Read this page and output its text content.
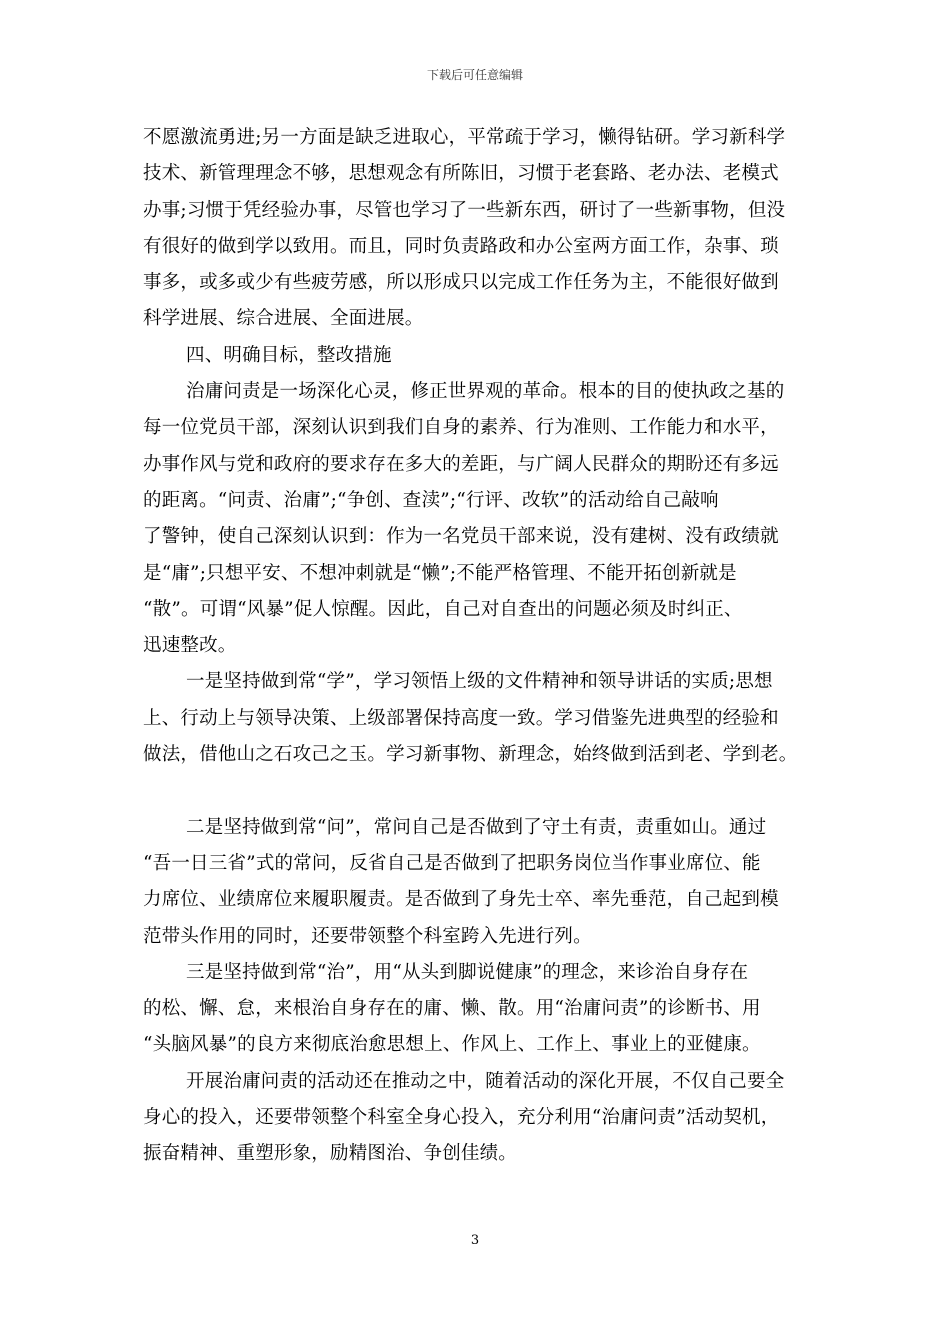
下载后可任意编辑
不愿激流勇进;另一方面是缺乏进取心，平常疏于学习，懒得钻研。学习新科学
技术、新管理理念不够，思想观念有所陈旧，习惯于老套路、老办法、老模式
办事;习惯于凭经验办事，尽管也学习了一些新东西，研讨了一些新事物，但没
有很好的做到学以致用。而且，同时负责路政和办公室两方面工作，杂事、琐
事多，或多或少有些疲劳感，所以形成只以完成工作任务为主，不能很好做到
科学进展、综合进展、全面进展。
四、明确目标，整改措施
治庸问责是一场深化心灵，修正世界观的革命。根本的目的使执政之基的
每一位党员干部，深刻认识到我们自身的素养、行为准则、工作能力和水平，
办事作风与党和政府的要求存在多大的差距，与广阔人民群众的期盼还有多远
的距离。“问责、治庸”;“争创、查渎”;“行评、改软”的活动给自己敲响
了警钟，使自己深刻认识到：作为一名党员干部来说，没有建树、没有政绩就
是“庸”;只想平安、不想冲刺就是“懒”;不能严格管理、不能开拓创新就是
“散”。可谓“风暴”促人惊醒。因此，自己对自查出的问题必须及时纠正、
迅速整改。
一是坚持做到常“学”，学习领悟上级的文件精神和领导讲话的实质;思想
上、行动上与领导决策、上级部署保持高度一致。学习借鉴先进典型的经验和
做法，借他山之石攻己之玉。学习新事物、新理念，始终做到活到老、学到老。
二是坚持做到常“问”，常问自己是否做到了守土有责，责重如山。通过
“吾一日三省”式的常问，反省自己是否做到了把职务岗位当作事业席位、能
力席位、业绩席位来履职履责。是否做到了身先士卒、率先垂范，自己起到模
范带头作用的同时，还要带领整个科室跨入先进行列。
三是坚持做到常“治”，用“从头到脚说健康”的理念，来诊治自身存在
的松、懈、怠，来根治自身存在的庸、懒、散。用“治庸问责”的诊断书、用
“头脑风暴”的良方来彻底治愈思想上、作风上、工作上、事业上的亚健康。
开展治庸问责的活动还在推动之中，随着活动的深化开展，不仅自己要全
身心的投入，还要带领整个科室全身心投入，充分利用“治庸问责”活动契机，
振奋精神、重塑形象，励精图治、争创佳绩。
3
